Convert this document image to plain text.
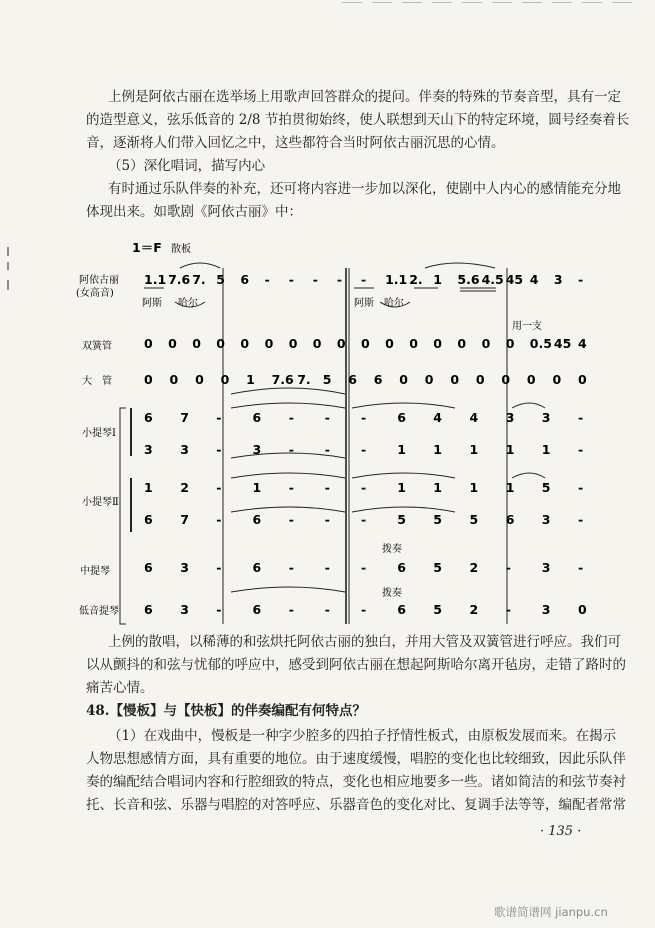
上例是阿依古丽在选举场上用歌声回答群众的提问。伴奏的特殊的节奏音型，具有一定
的造型意义，弦乐低音的 2/8 节拍贯彻始终，使人联想到天山下的特定环境，圆号经奏着长
音，逐渐将人们带入回忆之中，这些都符合当时阿依古丽沉思的心情。
（5）深化唱词，描写内心
有时通过乐队伴奏的补充，还可将内容进一步加以深化，使剧中人内心的感情能充分地
体现出来。如歌剧《阿依古丽》中：
1＝F 散板
阿依古丽
(女高音)
双簧管
大　管
小提琴Ⅰ
小提琴Ⅱ
中提琴
低音提琴
阿斯 哈尔	阿斯 哈尔
用一支
拨奏
拨奏
1.1 7.6 7. 5 6 - - - - - 1.1 2. 1 5.6 4.5 45 4 3 -
0 0 0 0 0 0 0 0 0 0 0 0 0 0 0 0 0.5 45 4
0 0 0 0 1 7.6 7. 5 6 6 0 0 0 0 0 0 0 0
6 7 - 6 - - - 6 4 4 3 3 -
3 3 - 3 - - - 1 1 1 1 1 -
1 2 - 1 - - - 1 1 1 1 5 -
6 7 - 6 - - - 5 5 5 6 3 -
6 3 - 6 - - - 6 5 2 - 3 -
6 3 - 6 - - - 6 5 2 - 3 0
上例的散唱，以稀薄的和弦烘托阿依古丽的独白，并用大管及双簧管进行呼应。我们可
以从颤抖的和弦与忧郁的呼应中，感受到阿依古丽在想起阿斯哈尔离开毡房，走错了路时的
痛苦心情。
48.【慢板】与【快板】的伴奏编配有何特点？
（1）在戏曲中，慢板是一种字少腔多的四拍子抒情性板式，由原板发展而来。在揭示
人物思想感情方面，具有重要的地位。由于速度缓慢，唱腔的变化也比较细致，因此乐队伴
奏的编配结合唱词内容和行腔细致的特点，变化也相应地要多一些。诸如简洁的和弦节奏衬
托、长音和弦、乐器与唱腔的对答呼应、乐器音色的变化对比、复调手法等等，编配者常常
· 135 ·
歌谱简谱网 jianpu.cn
